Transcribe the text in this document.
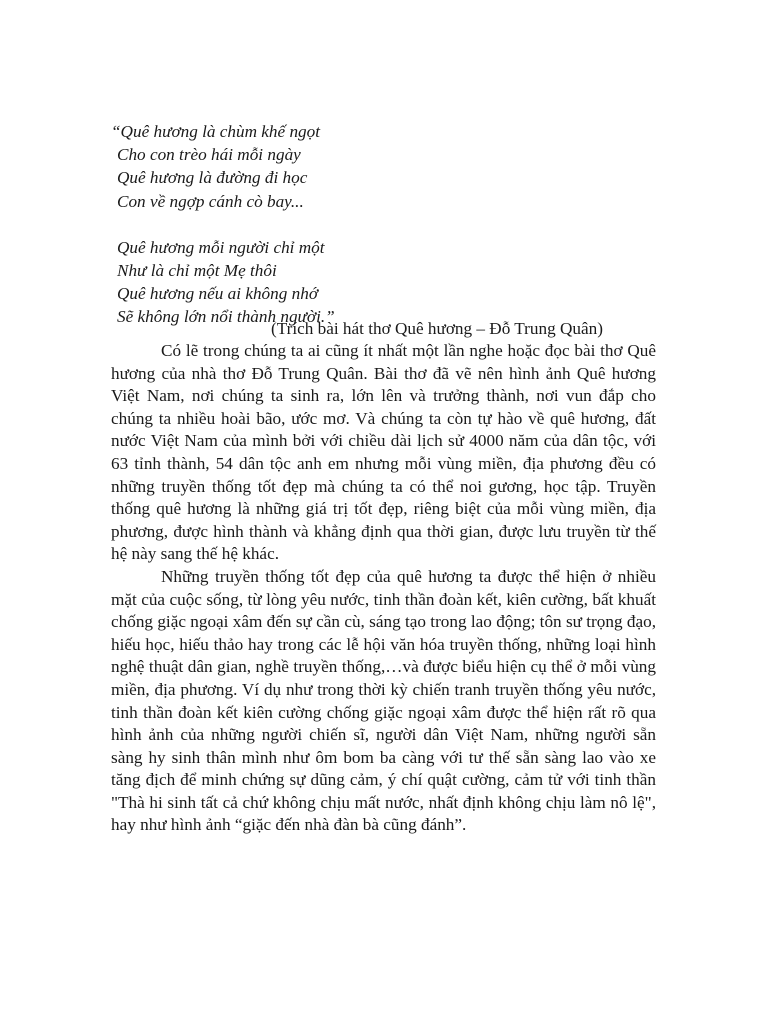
“Quê hương là chùm khế ngọt
Cho con trèo hái mỗi ngày
Quê hương là đường đi học
Con về ngợp cánh cò bay...
Quê hương mỗi người chỉ một
Như là chỉ một Mẹ thôi
Quê hương nếu ai không nhớ
Sẽ không lớn nổi thành người.”
(Trích bài hát thơ Quê hương – Đỗ Trung Quân)

Có lẽ trong chúng ta ai cũng ít nhất một lần nghe hoặc đọc bài thơ Quê hương của nhà thơ Đỗ Trung Quân. Bài thơ đã vẽ nên hình ảnh Quê hương Việt Nam, nơi chúng ta sinh ra, lớn lên và trưởng thành, nơi vun đắp cho chúng ta nhiều hoài bão, ước mơ. Và chúng ta còn tự hào về quê hương, đất nước Việt Nam của mình bởi với chiều dài lịch sử 4000 năm của dân tộc, với 63 tỉnh thành, 54 dân tộc anh em nhưng mỗi vùng miền, địa phương đều có những truyền thống tốt đẹp mà chúng ta có thể noi gương, học tập. Truyền thống quê hương là những giá trị tốt đẹp, riêng biệt của mỗi vùng miền, địa phương, được hình thành và khẳng định qua thời gian, được lưu truyền từ thế hệ này sang thế hệ khác.

Những truyền thống tốt đẹp của quê hương ta được thể hiện ở nhiều mặt của cuộc sống, từ lòng yêu nước, tinh thần đoàn kết, kiên cường, bất khuất chống giặc ngoại xâm đến sự cần cù, sáng tạo trong lao động; tôn sư trọng đạo, hiếu học, hiếu thảo hay trong các lễ hội văn hóa truyền thống, những loại hình nghệ thuật dân gian, nghề truyền thống,…và được biểu hiện cụ thể ở mỗi vùng miền, địa phương. Ví dụ như trong thời kỳ chiến tranh truyền thống yêu nước, tinh thần đoàn kết kiên cường chống giặc ngoại xâm được thể hiện rất rõ qua hình ảnh của những người chiến sĩ, người dân Việt Nam, những người sẵn sàng hy sinh thân mình như ôm bom ba càng với tư thế sẵn sàng lao vào xe tăng địch để minh chứng sự dũng cảm, ý chí quật cường, cảm tử với tinh thần "Thà hi sinh tất cả chứ không chịu mất nước, nhất định không chịu làm nô lệ", hay như hình ảnh “giặc đến nhà đàn bà cũng đánh”.
